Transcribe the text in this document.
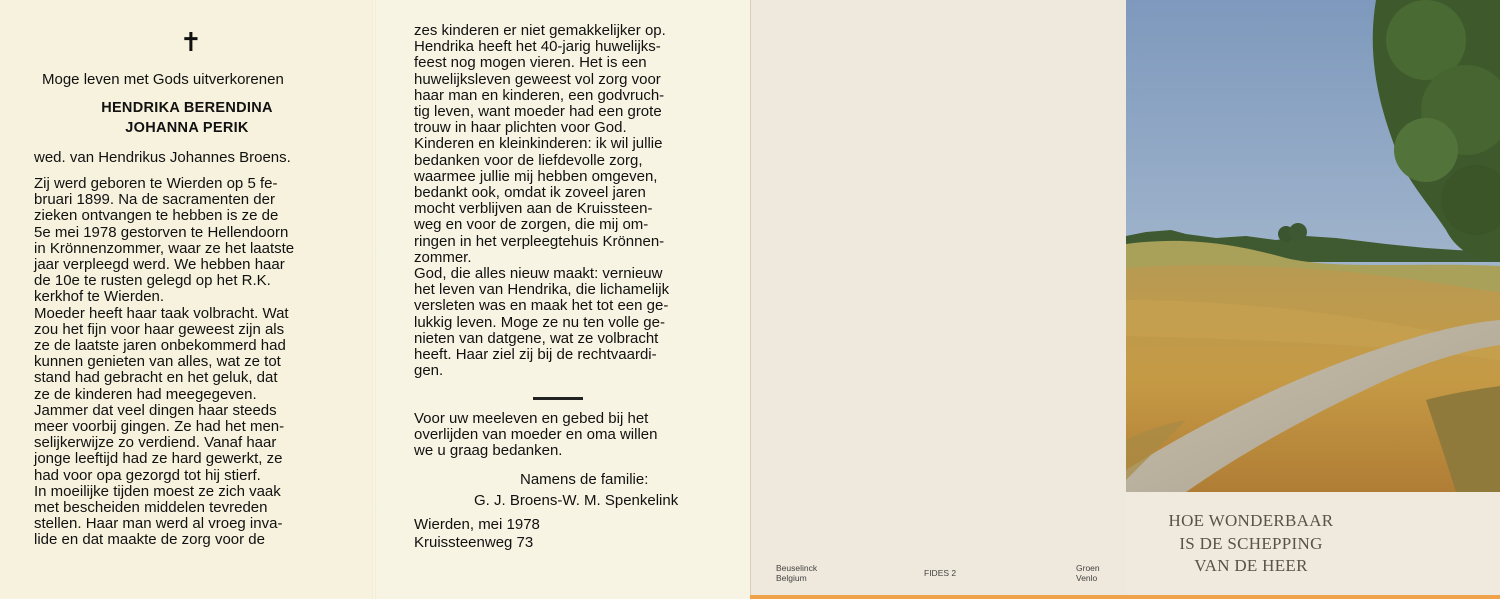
✝
Moge leven met Gods uitverkorenen
HENDRIKA BERENDINA
JOHANNA PERIK
wed. van Hendrikus Johannes Broens.
Zij werd geboren te Wierden op 5 fe-
bruari 1899. Na de sacramenten der
zieken ontvangen te hebben is ze de
5e mei 1978 gestorven te Hellendoorn
in Krönnenzommer, waar ze het laatste
jaar verpleegd werd. We hebben haar
de 10e te rusten gelegd op het R.K.
kerkhof te Wierden.
Moeder heeft haar taak volbracht. Wat
zou het fijn voor haar geweest zijn als
ze de laatste jaren onbekommerd had
kunnen genieten van alles, wat ze tot
stand had gebracht en het geluk, dat
ze de kinderen had meegegeven.
Jammer dat veel dingen haar steeds
meer voorbij gingen. Ze had het men-
selijkerwijze zo verdiend. Vanaf haar
jonge leeftijd had ze hard gewerkt, ze
had voor opa gezorgd tot hij stierf.
In moeilijke tijden moest ze zich vaak
met bescheiden middelen tevreden
stellen. Haar man werd al vroeg inva-
lide en dat maakte de zorg voor de
zes kinderen er niet gemakkelijker op.
Hendrika heeft het 40-jarig huwelijks-
feest nog mogen vieren. Het is een
huwelijksleven geweest vol zorg voor
haar man en kinderen, een godvruch-
tig leven, want moeder had een grote
trouw in haar plichten voor God.
Kinderen en kleinkinderen: ik wil jullie
bedanken voor de liefdevolle zorg,
waarmee jullie mij hebben omgeven,
bedankt ook, omdat ik zoveel jaren
mocht verblijven aan de Kruissteen-
weg en voor de zorgen, die mij om-
ringen in het verpleegtehuis Krönnen-
zommer.
God, die alles nieuw maakt: vernieuw
het leven van Hendrika, die lichamelijk
versleten was en maak het tot een ge-
lukkig leven. Moge ze nu ten volle ge-
nieten van datgene, wat ze volbracht
heeft. Haar ziel zij bij de rechtvaardi-
gen.
Voor uw meeleven en gebed bij het
overlijden van moeder en oma willen
we u graag bedanken.
Namens de familie:
G. J. Broens-W. M. Spenkelink
Wierden, mei 1978
Kruissteenweg 73
Beuselinck
Belgium	FIDES 2	Groen
Venlo
HOE WONDERBAAR
IS DE SCHEPPING
VAN DE HEER
